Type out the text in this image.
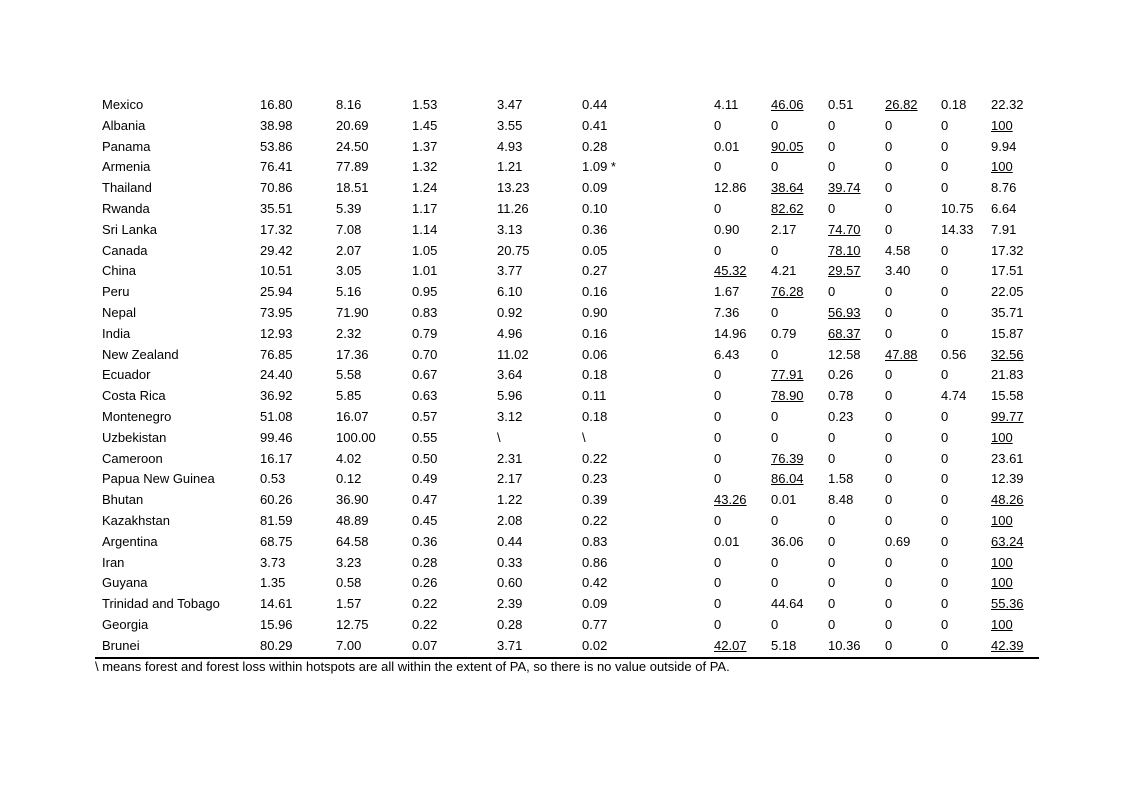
Mexico	16.80	8.16	1.53	3.47	0.44	4.11	46.06	0.51	26.82	0.18	22.32
Albania	38.98	20.69	1.45	3.55	0.41	0	0	0	0	0	100
Panama	53.86	24.50	1.37	4.93	0.28	0.01	90.05	0	0	0	9.94
Armenia	76.41	77.89	1.32	1.21	1.09 *	0	0	0	0	0	100
Thailand	70.86	18.51	1.24	13.23	0.09	12.86	38.64	39.74	0	0	8.76
Rwanda	35.51	5.39	1.17	11.26	0.10	0	82.62	0	0	10.75	6.64
Sri Lanka	17.32	7.08	1.14	3.13	0.36	0.90	2.17	74.70	0	14.33	7.91
Canada	29.42	2.07	1.05	20.75	0.05	0	0	78.10	4.58	0	17.32
China	10.51	3.05	1.01	3.77	0.27	45.32	4.21	29.57	3.40	0	17.51
Peru	25.94	5.16	0.95	6.10	0.16	1.67	76.28	0	0	0	22.05
Nepal	73.95	71.90	0.83	0.92	0.90	7.36	0	56.93	0	0	35.71
India	12.93	2.32	0.79	4.96	0.16	14.96	0.79	68.37	0	0	15.87
New Zealand	76.85	17.36	0.70	11.02	0.06	6.43	0	12.58	47.88	0.56	32.56
Ecuador	24.40	5.58	0.67	3.64	0.18	0	77.91	0.26	0	0	21.83
Costa Rica	36.92	5.85	0.63	5.96	0.11	0	78.90	0.78	0	4.74	15.58
Montenegro	51.08	16.07	0.57	3.12	0.18	0	0	0.23	0	0	99.77
Uzbekistan	99.46	100.00	0.55	\	\	0	0	0	0	0	100
Cameroon	16.17	4.02	0.50	2.31	0.22	0	76.39	0	0	0	23.61
Papua New Guinea	0.53	0.12	0.49	2.17	0.23	0	86.04	1.58	0	0	12.39
Bhutan	60.26	36.90	0.47	1.22	0.39	43.26	0.01	8.48	0	0	48.26
Kazakhstan	81.59	48.89	0.45	2.08	0.22	0	0	0	0	0	100
Argentina	68.75	64.58	0.36	0.44	0.83	0.01	36.06	0	0.69	0	63.24
Iran	3.73	3.23	0.28	0.33	0.86	0	0	0	0	0	100
Guyana	1.35	0.58	0.26	0.60	0.42	0	0	0	0	0	100
Trinidad and Tobago	14.61	1.57	0.22	2.39	0.09	0	44.64	0	0	0	55.36
Georgia	15.96	12.75	0.22	0.28	0.77	0	0	0	0	0	100
Brunei	80.29	7.00	0.07	3.71	0.02	42.07	5.18	10.36	0	0	42.39
\ means forest and forest loss within hotspots are all within the extent of PA, so there is no value outside of PA.
